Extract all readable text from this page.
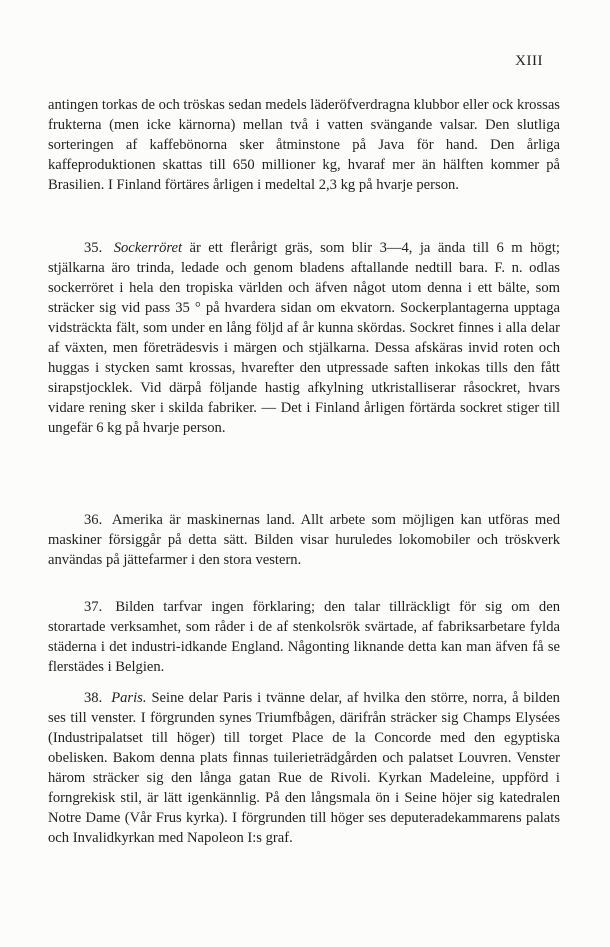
XIII

antingen torkas de och tröskas sedan medels läderöfverdragna klubbor eller ock krossas frukterna (men icke kärnorna) mellan två i vatten svängande valsar. Den slutliga sorteringen af kaffebönorna sker åtminstone på Java för hand. Den årliga kaffeproduktionen skattas till 650 millioner kg, hvaraf mer än hälften kommer på Brasilien. I Finland förtäres årligen i medeltal 2,3 kg på hvarje person.

35. Sockerröret är ett flerårigt gräs, som blir 3—4, ja ända till 6 m högt; stjälkarna äro trinda, ledade och genom bladens aftallande nedtill bara. F. n. odlas sockerröret i hela den tropiska världen och äfven något utom denna i ett bälte, som sträcker sig vid pass 35 ° på hvardera sidan om ekvatorn. Sockerplantagerna upptaga vidsträckta fält, som under en lång följd af år kunna skördas. Sockret finnes i alla delar af växten, men företrädesvis i märgen och stjälkarna. Dessa afskäras invid roten och huggas i stycken samt krossas, hvarefter den utpressade saften inkokas tills den fått sirapstjocklek. Vid därpå följande hastig afkylning utkristalliserar råsockret, hvars vidare rening sker i skilda fabriker. — Det i Finland årligen förtärda sockret stiger till ungefär 6 kg på hvarje person.

36. Amerika är maskinernas land. Allt arbete som möjligen kan utföras med maskiner försiggår på detta sätt. Bilden visar huruledes lokomobiler och tröskverk användas på jättefarmer i den stora vestern.

37. Bilden tarfvar ingen förklaring; den talar tillräckligt för sig om den storartade verksamhet, som råder i de af stenkolsrök svärtade, af fabriksarbetare fylda städerna i det industri-idkande England. Någonting liknande detta kan man äfven få se flerstädes i Belgien.

38. Paris. Seine delar Paris i tvänne delar, af hvilka den större, norra, å bilden ses till venster. I förgrunden synes Triumfbågen, därifrån sträcker sig Champs Elysées (Industripalatset till höger) till torget Place de la Concorde med den egyptiska obelisken. Bakom denna plats finnas tuilerieträdgården och palatset Louvren. Venster härom sträcker sig den långa gatan Rue de Rivoli. Kyrkan Madeleine, uppförd i forngrekisk stil, är lätt igenkännlig. På den långsmala ön i Seine höjer sig katedralen Notre Dame (Vår Frus kyrka). I förgrunden till höger ses deputeradekammarens palats och Invalidkyrkan med Napoleon I:s graf.
